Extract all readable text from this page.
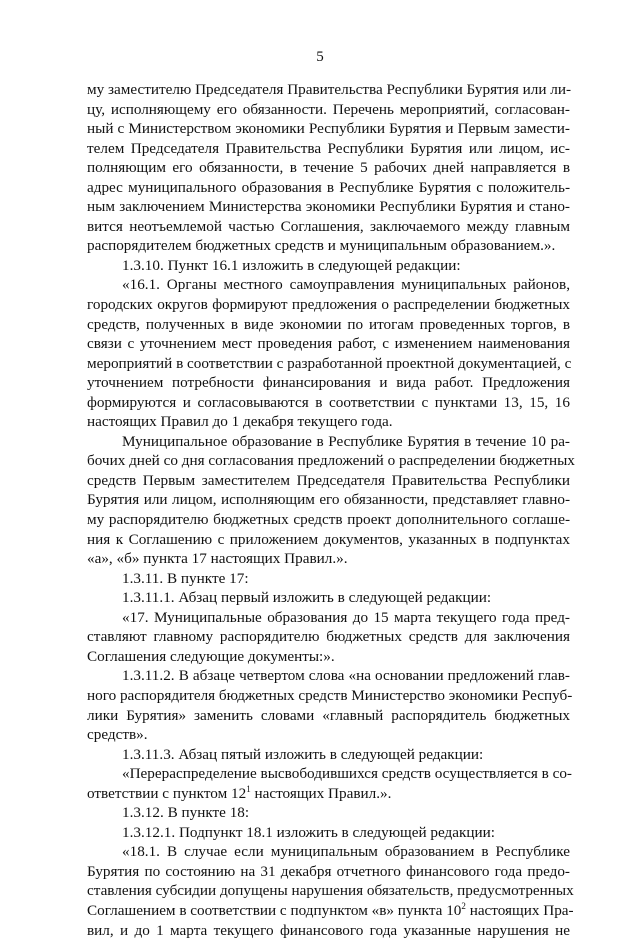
5
му заместителю Председателя Правительства Республики Бурятия или ли-
цу, исполняющему его обязанности. Перечень мероприятий, согласован-
ный с Министерством экономики Республики Бурятия и Первым замести-
телем Председателя Правительства Республики Бурятия или лицом, ис-
полняющим его обязанности, в течение 5 рабочих дней направляется в
адрес муниципального образования в Республике Бурятия с положитель-
ным заключением Министерства экономики Республики Бурятия и стано-
вится неотъемлемой частью Соглашения, заключаемого между главным
распорядителем бюджетных средств и муниципальным образованием.».
1.3.10. Пункт 16.1 изложить в следующей редакции:
«16.1. Органы местного самоуправления муниципальных районов,
городских округов формируют предложения о распределении бюджетных
средств, полученных в виде экономии по итогам проведенных торгов, в
связи с уточнением мест проведения работ, с изменением наименования
мероприятий в соответствии с разработанной проектной документацией, с
уточнением потребности финансирования и вида работ. Предложения
формируются и согласовываются в соответствии с пунктами 13, 15, 16
настоящих Правил до 1 декабря текущего года.
Муниципальное образование в Республике Бурятия в течение 10 ра-
бочих дней со дня согласования предложений о распределении бюджетных
средств Первым заместителем Председателя Правительства Республики
Бурятия или лицом, исполняющим его обязанности, представляет главно-
му распорядителю бюджетных средств проект дополнительного соглаше-
ния к Соглашению с приложением документов, указанных в подпунктах
«а», «б» пункта 17 настоящих Правил.».
1.3.11. В пункте 17:
1.3.11.1. Абзац первый изложить в следующей редакции:
«17. Муниципальные образования до 15 марта текущего года пред-
ставляют главному распорядителю бюджетных средств для заключения
Соглашения следующие документы:».
1.3.11.2. В абзаце четвертом слова «на основании предложений глав-
ного распорядителя бюджетных средств Министерство экономики Респуб-
лики Бурятия» заменить словами «главный распорядитель бюджетных
средств».
1.3.11.3. Абзац пятый изложить в следующей редакции:
«Перераспределение высвободившихся средств осуществляется в со-
ответствии с пунктом $12^1$ настоящих Правил.».
1.3.12. В пункте 18:
1.3.12.1. Подпункт 18.1 изложить в следующей редакции:
«18.1. В случае если муниципальным образованием в Республике
Бурятия по состоянию на 31 декабря отчетного финансового года предо-
ставления субсидии допущены нарушения обязательств, предусмотренных
Соглашением в соответствии с подпунктом «в» пункта $10^2$ настоящих Пра-
вил, и до 1 марта текущего финансового года указанные нарушения не
